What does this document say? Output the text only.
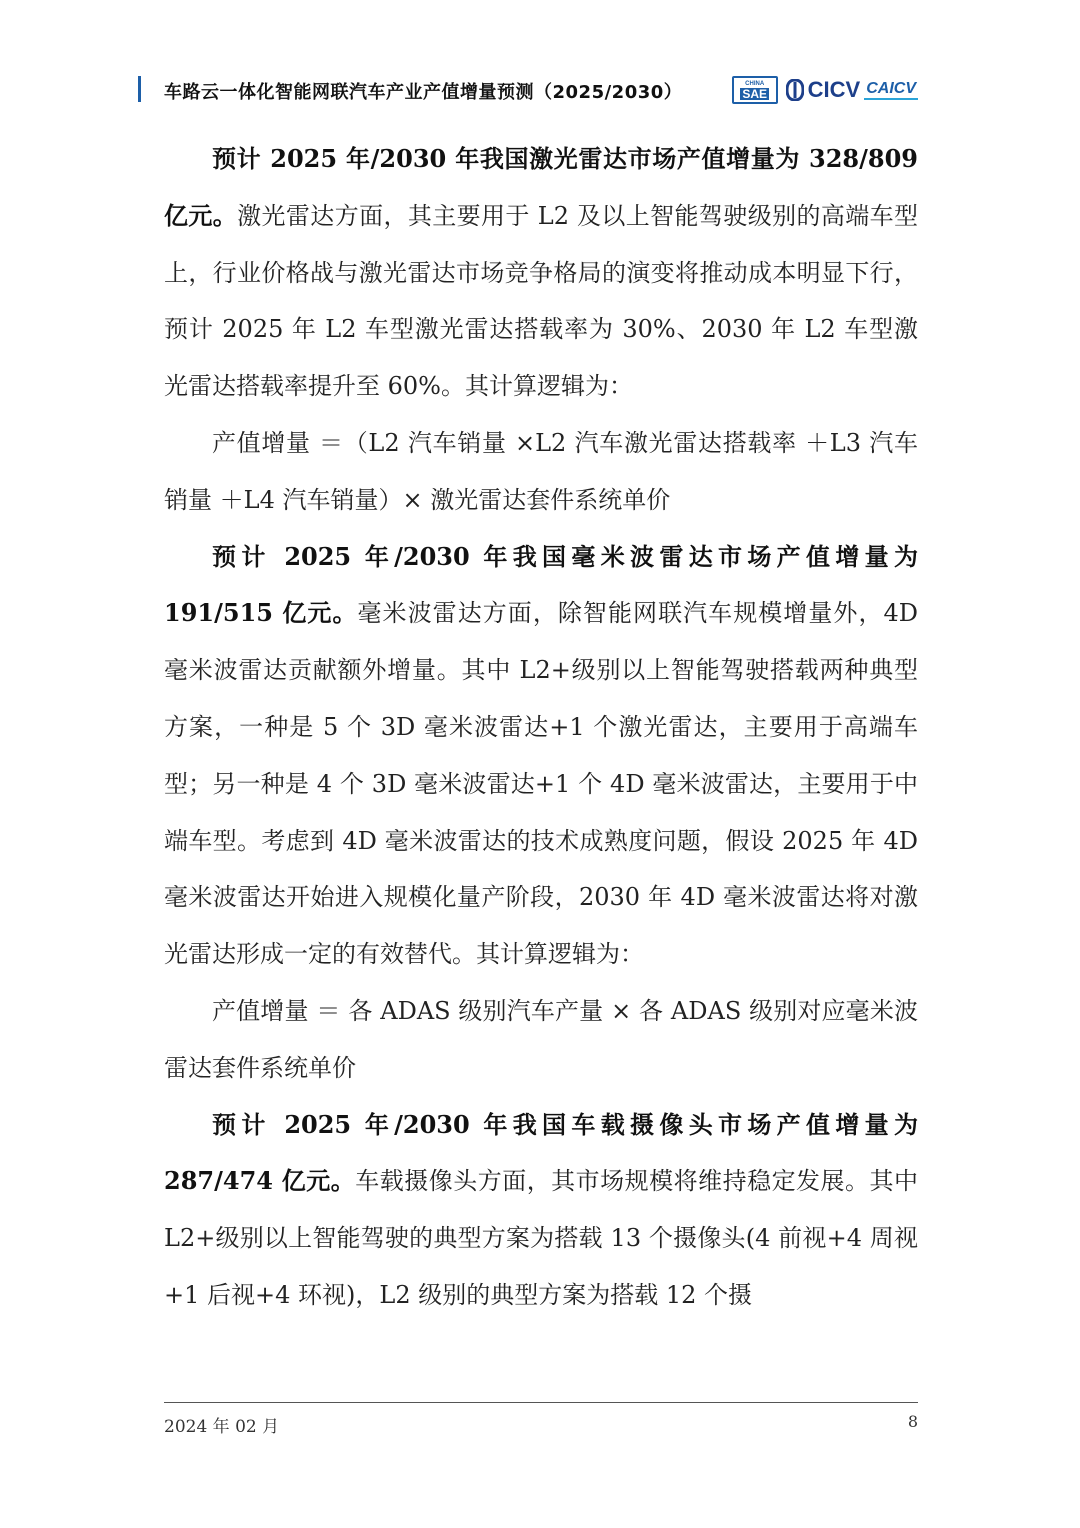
车路云一体化智能网联汽车产业产值增量预测（2025/2030）	CHINA
SAE CICV CAICV

预计 2025 年/2030 年我国激光雷达市场产值增量为 328/809 亿元。激光雷达方面，其主要用于 L2 及以上智能驾驶级别的高端车型上，行业价格战与激光雷达市场竞争格局的演变将推动成本明显下行，预计 2025 年 L2 车型激光雷达搭载率为 30%、2030 年 L2 车型激光雷达搭载率提升至 60%。其计算逻辑为：

产值增量 ＝（L2 汽车销量 ×L2 汽车激光雷达搭载率 ＋L3 汽车销量 ＋L4 汽车销量）× 激光雷达套件系统单价

预计 2025 年/2030 年我国毫米波雷达市场产值增量为 191/515 亿元。毫米波雷达方面，除智能网联汽车规模增量外，4D 毫米波雷达贡献额外增量。其中 L2+级别以上智能驾驶搭载两种典型方案，一种是 5 个 3D 毫米波雷达+1 个激光雷达，主要用于高端车型；另一种是 4 个 3D 毫米波雷达+1 个 4D 毫米波雷达，主要用于中端车型。考虑到 4D 毫米波雷达的技术成熟度问题，假设 2025 年 4D 毫米波雷达开始进入规模化量产阶段，2030 年 4D 毫米波雷达将对激光雷达形成一定的有效替代。其计算逻辑为：

产值增量 ＝ 各 ADAS 级别汽车产量 × 各 ADAS 级别对应毫米波雷达套件系统单价

预计 2025 年/2030 年我国车载摄像头市场产值增量为 287/474 亿元。车载摄像头方面，其市场规模将维持稳定发展。其中 L2+级别以上智能驾驶的典型方案为搭载 13 个摄像头(4 前视+4 周视+1 后视+4 环视)，L2 级别的典型方案为搭载 12 个摄

2024 年 02 月	8
